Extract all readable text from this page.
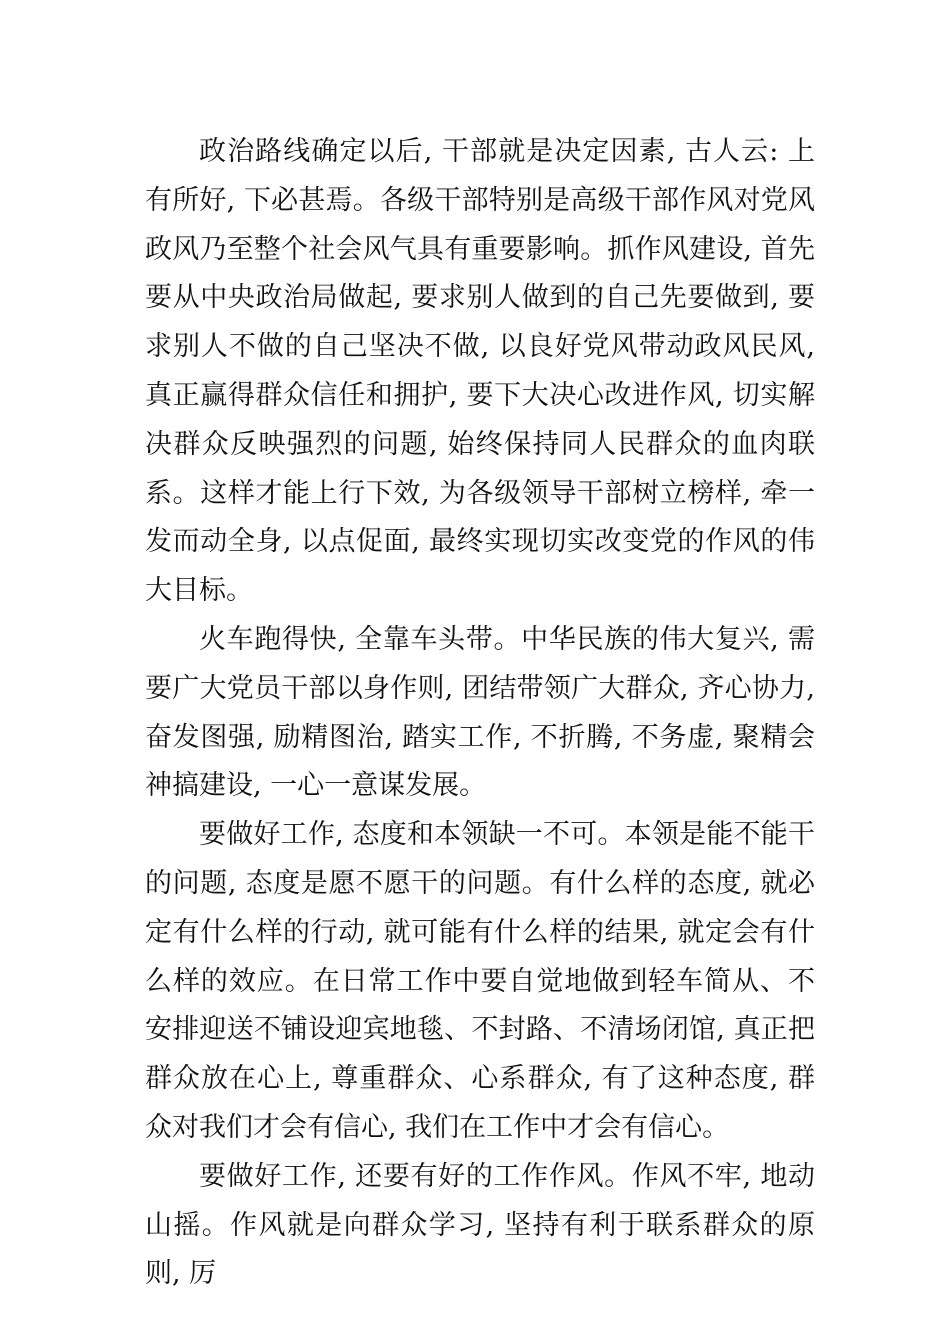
政治路线确定以后, 干部就是决定因素, 古人云: 上有所好, 下必甚焉。各级干部特别是高级干部作风对党风政风乃至整个社会风气具有重要影响。抓作风建设, 首先要从中央政治局做起, 要求别人做到的自己先要做到, 要求别人不做的自己坚决不做, 以良好党风带动政风民风, 真正赢得群众信任和拥护, 要下大决心改进作风, 切实解决群众反映强烈的问题, 始终保持同人民群众的血肉联系。这样才能上行下效, 为各级领导干部树立榜样, 牵一发而动全身, 以点促面, 最终实现切实改变党的作风的伟大目标。

火车跑得快, 全靠车头带。中华民族的伟大复兴, 需要广大党员干部以身作则, 团结带领广大群众, 齐心协力, 奋发图强, 励精图治, 踏实工作, 不折腾, 不务虚, 聚精会神搞建设, 一心一意谋发展。

要做好工作, 态度和本领缺一不可。本领是能不能干的问题, 态度是愿不愿干的问题。有什么样的态度, 就必定有什么样的行动, 就可能有什么样的结果, 就定会有什么样的效应。在日常工作中要自觉地做到轻车简从、不安排迎送不铺设迎宾地毯、不封路、不清场闭馆, 真正把群众放在心上, 尊重群众、心系群众, 有了这种态度, 群众对我们才会有信心, 我们在工作中才会有信心。

要做好工作, 还要有好的工作作风。作风不牢, 地动山摇。作风就是向群众学习, 坚持有利于联系群众的原则, 厉
